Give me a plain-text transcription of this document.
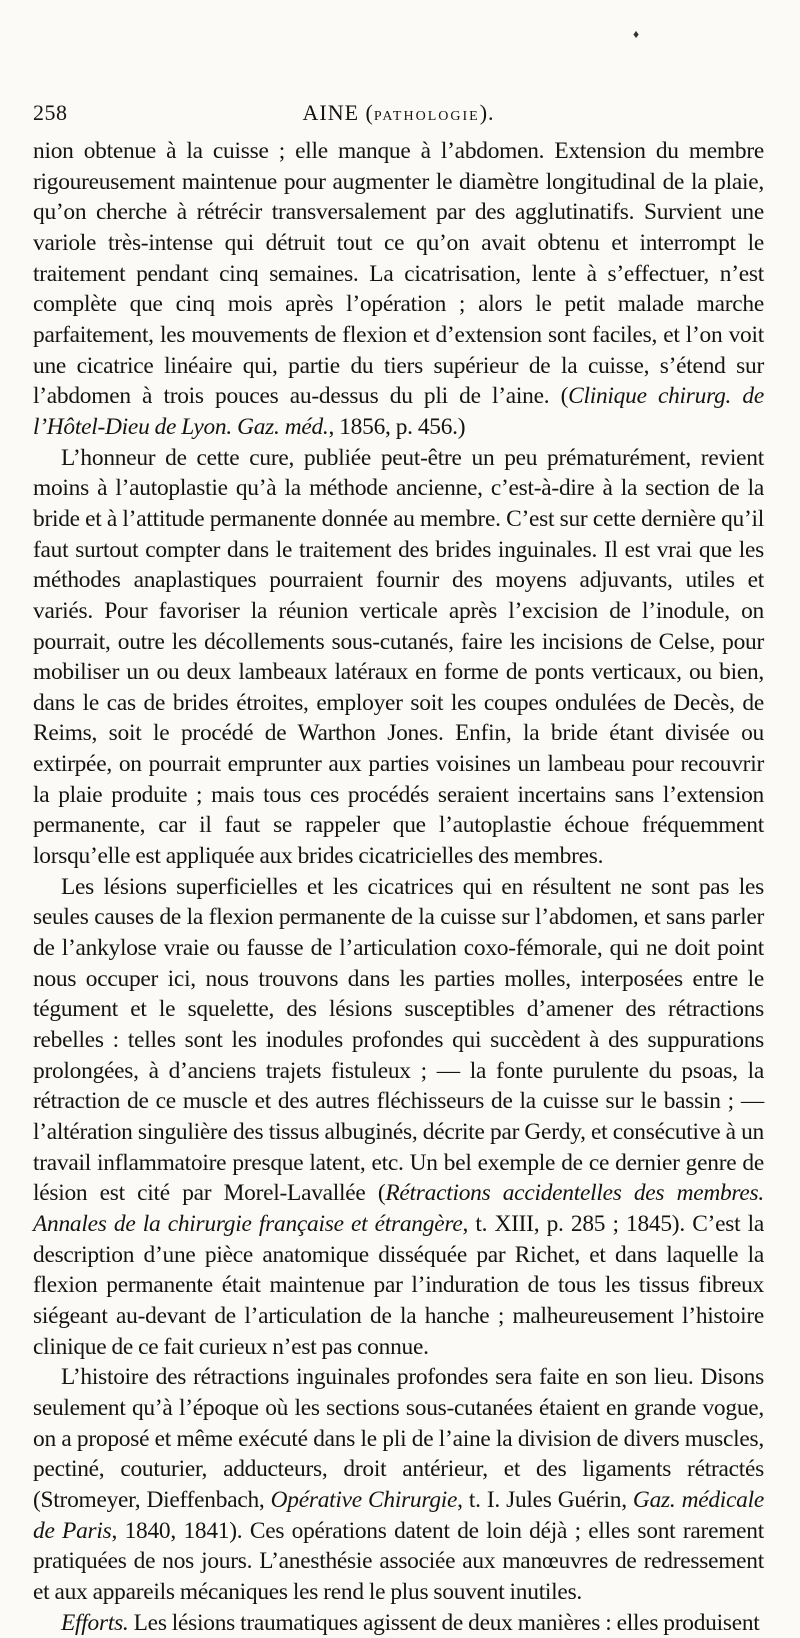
♦
258	AINE (PATHOLOGIE).

nion obtenue à la cuisse ; elle manque à l’abdomen. Extension du membre rigoureusement maintenue pour augmenter le diamètre longitudinal de la plaie, qu’on cherche à rétrécir transversalement par des agglutinatifs. Survient une variole très-intense qui détruit tout ce qu’on avait obtenu et interrompt le traitement pendant cinq semaines. La cicatrisation, lente à s’effectuer, n’est complète que cinq mois après l’opération ; alors le petit malade marche parfaitement, les mouvements de flexion et d’extension sont faciles, et l’on voit une cicatrice linéaire qui, partie du tiers supérieur de la cuisse, s’étend sur l’abdomen à trois pouces au-dessus du pli de l’aine. (Clinique chirurg. de l’Hôtel-Dieu de Lyon. Gaz. méd., 1856, p. 456.)

L’honneur de cette cure, publiée peut-être un peu prématurément, revient moins à l’autoplastie qu’à la méthode ancienne, c’est-à-dire à la section de la bride et à l’attitude permanente donnée au membre. C’est sur cette dernière qu’il faut surtout compter dans le traitement des brides inguinales. Il est vrai que les méthodes anaplastiques pourraient fournir des moyens adjuvants, utiles et variés. Pour favoriser la réunion verticale après l’excision de l’inodule, on pourrait, outre les décollements sous-cutanés, faire les incisions de Celse, pour mobiliser un ou deux lambeaux latéraux en forme de ponts verticaux, ou bien, dans le cas de brides étroites, employer soit les coupes ondulées de Decès, de Reims, soit le procédé de Warthon Jones. Enfin, la bride étant divisée ou extirpée, on pourrait emprunter aux parties voisines un lambeau pour recouvrir la plaie produite ; mais tous ces procédés seraient incertains sans l’extension permanente, car il faut se rappeler que l’autoplastie échoue fréquemment lorsqu’elle est appliquée aux brides cicatricielles des membres.

Les lésions superficielles et les cicatrices qui en résultent ne sont pas les seules causes de la flexion permanente de la cuisse sur l’abdomen, et sans parler de l’ankylose vraie ou fausse de l’articulation coxo-fémorale, qui ne doit point nous occuper ici, nous trouvons dans les parties molles, interposées entre le tégument et le squelette, des lésions susceptibles d’amener des rétractions rebelles : telles sont les inodules profondes qui succèdent à des suppurations prolongées, à d’anciens trajets fistuleux ; — la fonte purulente du psoas, la rétraction de ce muscle et des autres fléchisseurs de la cuisse sur le bassin ; — l’altération singulière des tissus albuginés, décrite par Gerdy, et consécutive à un travail inflammatoire presque latent, etc. Un bel exemple de ce dernier genre de lésion est cité par Morel-Lavallée (Rétractions accidentelles des membres. Annales de la chirurgie française et étrangère, t. XIII, p. 285 ; 1845). C’est la description d’une pièce anatomique disséquée par Richet, et dans laquelle la flexion permanente était maintenue par l’induration de tous les tissus fibreux siégeant au-devant de l’articulation de la hanche ; malheureusement l’histoire clinique de ce fait curieux n’est pas connue.

L’histoire des rétractions inguinales profondes sera faite en son lieu. Disons seulement qu’à l’époque où les sections sous-cutanées étaient en grande vogue, on a proposé et même exécuté dans le pli de l’aine la division de divers muscles, pectiné, couturier, adducteurs, droit antérieur, et des ligaments rétractés (Stromeyer, Dieffenbach, Opérative Chirurgie, t. I. Jules Guérin, Gaz. médicale de Paris, 1840, 1841). Ces opérations datent de loin déjà ; elles sont rarement pratiquées de nos jours. L’anesthésie associée aux manœuvres de redressement et aux appareils mécaniques les rend le plus souvent inutiles.

Efforts. Les lésions traumatiques agissent de deux manières : elles produisent
